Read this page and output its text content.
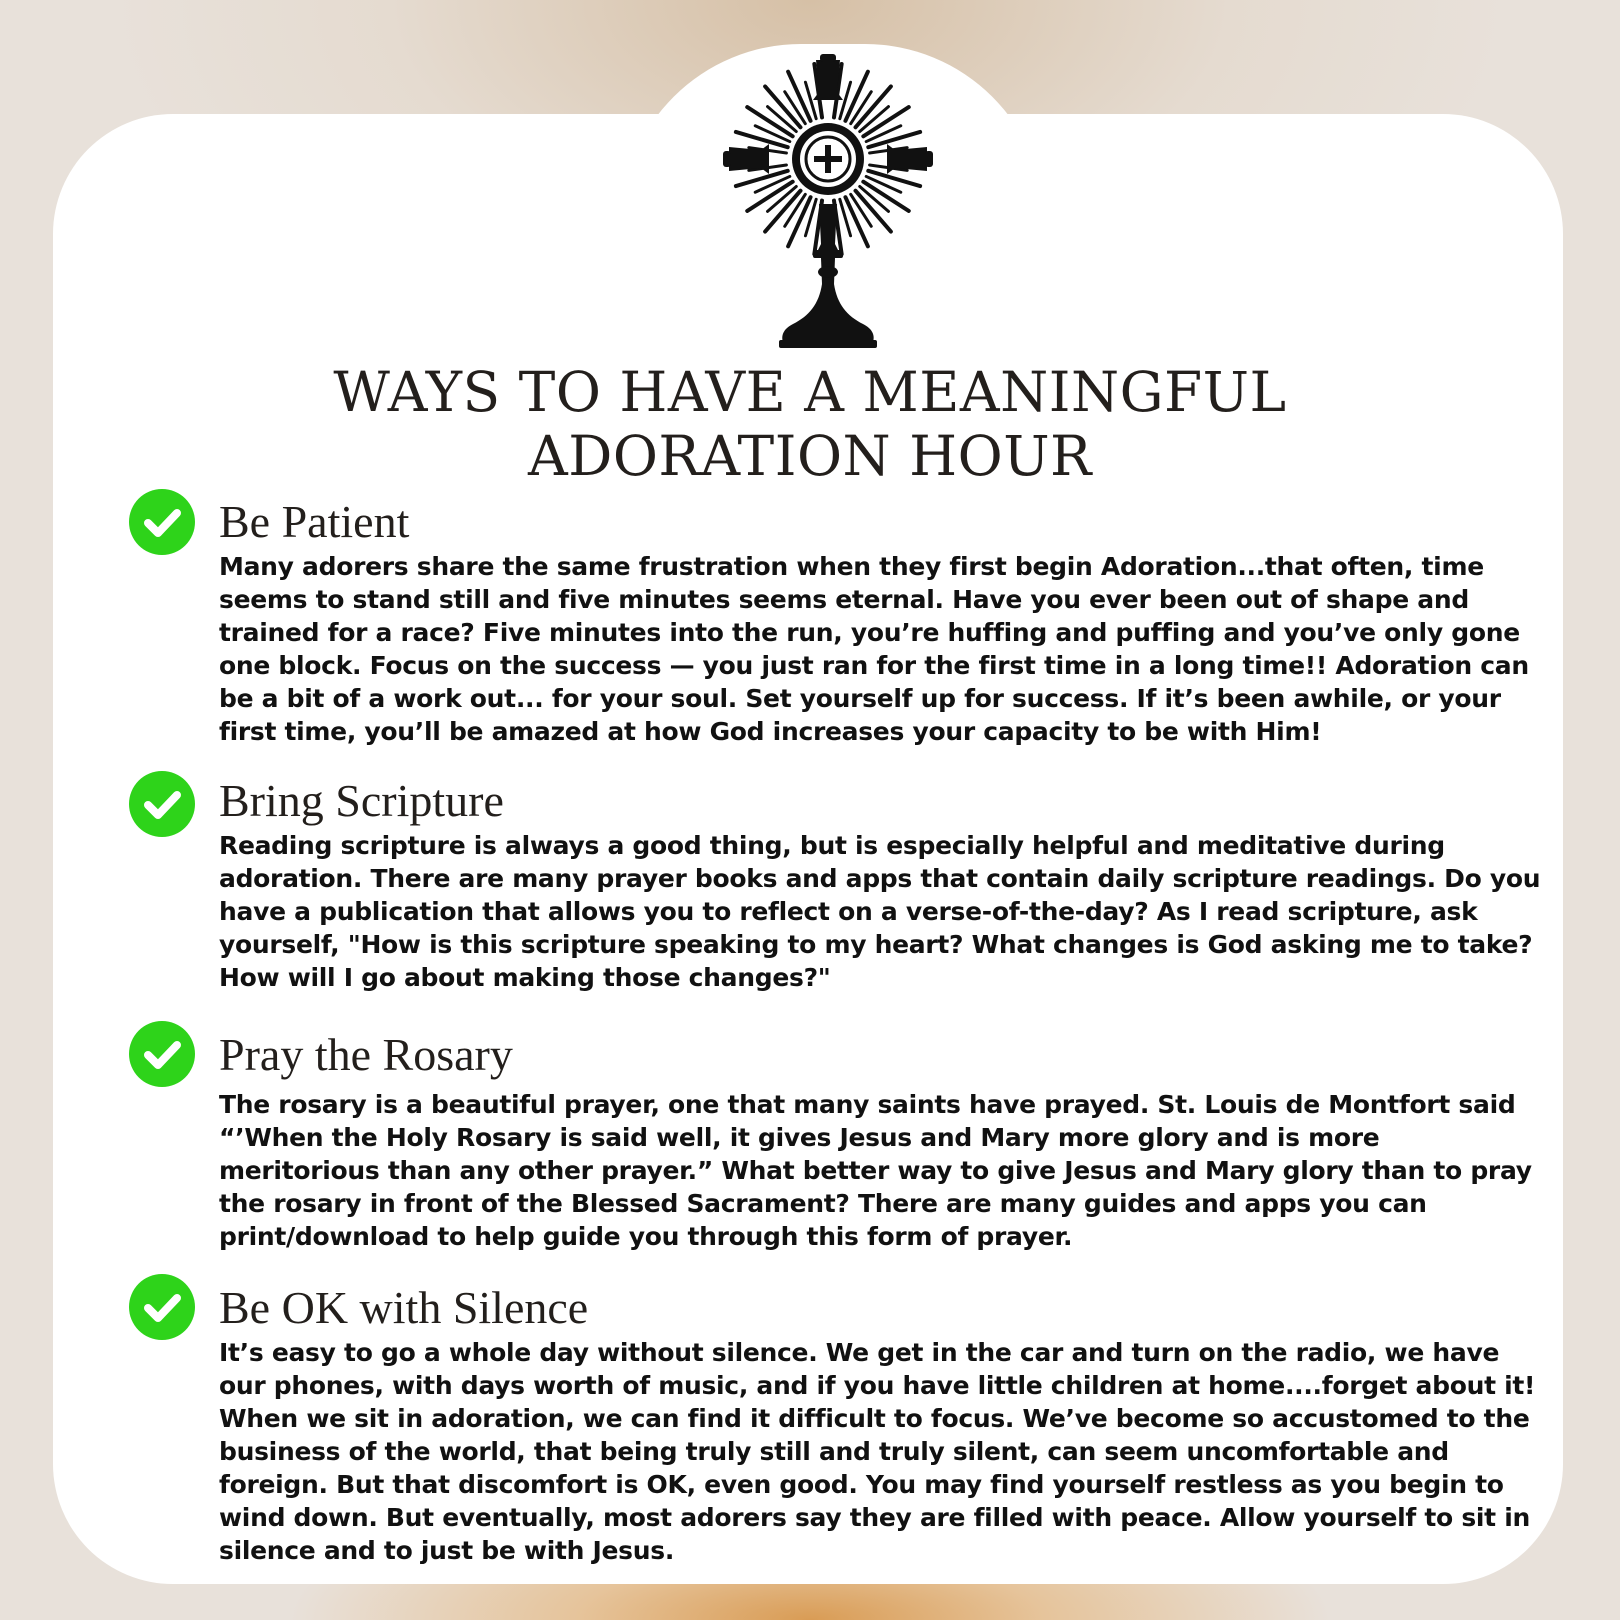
WAYS TO HAVE A MEANINGFUL
ADORATION HOUR
Be Patient
Many adorers share the same frustration when they first begin Adoration...that often, time seems to stand still and five minutes seems eternal. Have you ever been out of shape and trained for a race? Five minutes into the run, you’re huffing and puffing and you’ve only gone one block. Focus on the success — you just ran for the first time in a long time!! Adoration can be a bit of a work out... for your soul. Set yourself up for success. If it’s been awhile, or your first time, you’ll be amazed at how God increases your capacity to be with Him!
Bring Scripture
Reading scripture is always a good thing, but is especially helpful and meditative during adoration. There are many prayer books and apps that contain daily scripture readings. Do you have a publication that allows you to reflect on a verse-of-the-day? As I read scripture, ask yourself, "How is this scripture speaking to my heart? What changes is God asking me to take? How will I go about making those changes?"
Pray the Rosary
The rosary is a beautiful prayer, one that many saints have prayed. St. Louis de Montfort said “’When the Holy Rosary is said well, it gives Jesus and Mary more glory and is more meritorious than any other prayer.” What better way to give Jesus and Mary glory than to pray the rosary in front of the Blessed Sacrament? There are many guides and apps you can print/download to help guide you through this form of prayer.
Be OK with Silence
It’s easy to go a whole day without silence. We get in the car and turn on the radio, we have our phones, with days worth of music, and if you have little children at home....forget about it! When we sit in adoration, we can find it difficult to focus. We’ve become so accustomed to the business of the world, that being truly still and truly silent, can seem uncomfortable and foreign. But that discomfort is OK, even good. You may find yourself restless as you begin to wind down. But eventually, most adorers say they are filled with peace. Allow yourself to sit in silence and to just be with Jesus.
